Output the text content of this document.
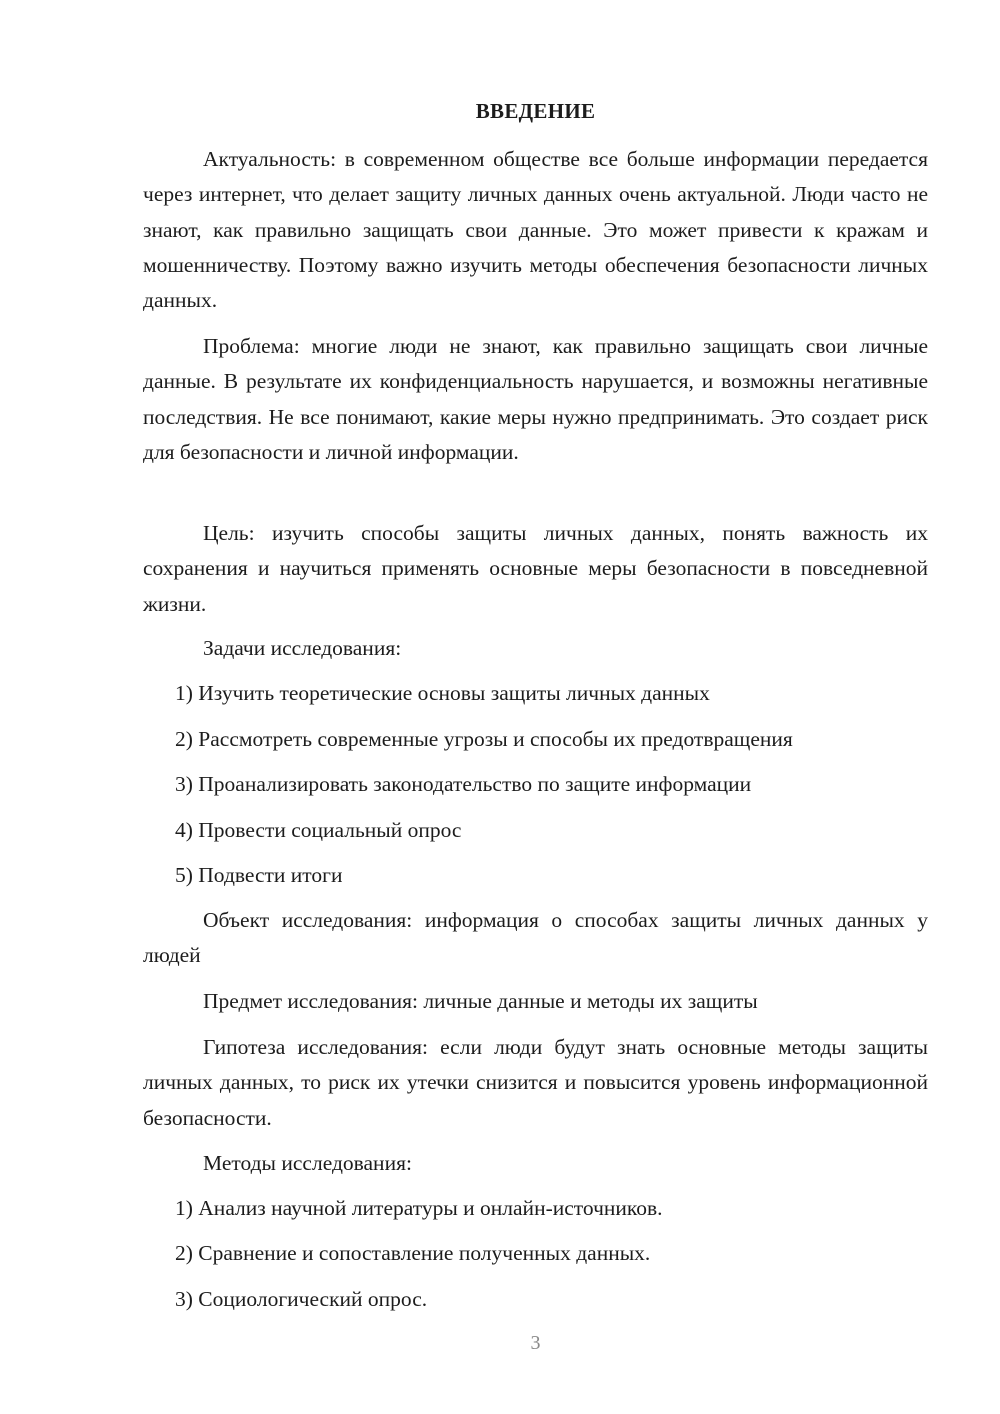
ВВЕДЕНИЕ

Актуальность: в современном обществе все больше информации передается через интернет, что делает защиту личных данных очень актуальной. Люди часто не знают, как правильно защищать свои данные. Это может привести к кражам и мошенничеству. Поэтому важно изучить методы обеспечения безопасности личных данных.

Проблема: многие люди не знают, как правильно защищать свои личные данные. В результате их конфиденциальность нарушается, и возможны негативные последствия. Не все понимают, какие меры нужно предпринимать. Это создает риск для безопасности и личной информации.

Цель: изучить способы защиты личных данных, понять важность их сохранения и научиться применять основные меры безопасности в повседневной жизни.

Задачи исследования:

1) Изучить теоретические основы защиты личных данных

2) Рассмотреть современные угрозы и способы их предотвращения

3) Проанализировать законодательство по защите информации

4) Провести социальный опрос

5) Подвести итоги

Объект исследования: информация о способах защиты личных данных у людей

Предмет исследования: личные данные и методы их защиты

Гипотеза исследования: если люди будут знать основные методы защиты личных данных, то риск их утечки снизится и повысится уровень информационной безопасности.

Методы исследования:

1) Анализ научной литературы и онлайн-источников.

2) Сравнение и сопоставление полученных данных.

3) Социологический опрос.

3
